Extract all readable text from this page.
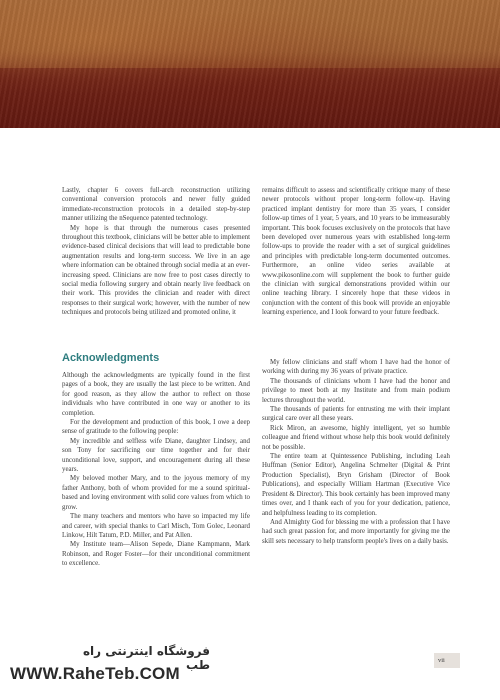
Lastly, chapter 6 covers full-arch reconstruction utilizing conventional conversion protocols and newer fully guided immediate-reconstruction protocols in a detailed step-by-step manner utilizing the nSequence patented technology.

My hope is that through the numerous cases presented throughout this textbook, clinicians will be better able to implement evidence-based clinical decisions that will lead to predictable bone augmentation results and long-term success. We live in an age where information can be obtained through social media at an ever-increasing speed. Clinicians are now free to post cases directly to social media following surgery and obtain nearly live feedback on their work. This provides the clinician and reader with direct responses to their surgical work; however, with the number of new techniques and protocols being utilized and promoted online, it

remains difficult to assess and scientifically critique many of these newer protocols without proper long-term follow-up. Having practiced implant dentistry for more than 35 years, I consider follow-up times of 1 year, 5 years, and 10 years to be immeasurably important. This book focuses exclusively on the protocols that have been developed over numerous years with established long-term follow-ups to provide the reader with a set of surgical guidelines and principles with predictable long-term documented outcomes. Furthermore, an online video series available at www.pikosonline.com will supplement the book to further guide the clinician with surgical demonstrations provided within our online teaching library. I sincerely hope that these videos in conjunction with the content of this book will provide an enjoyable learning experience, and I look forward to your future feedback.

Acknowledgments

Although the acknowledgments are typically found in the first pages of a book, they are usually the last piece to be written. And for good reason, as they allow the author to reflect on those individuals who have contributed in one way or another to its completion.

For the development and production of this book, I owe a deep sense of gratitude to the following people:

My incredible and selfless wife Diane, daughter Lindsey, and son Tony for sacrificing our time together and for their unconditional love, support, and encouragement during all these years.

My beloved mother Mary, and to the joyous memory of my father Anthony, both of whom provided for me a sound spiritual-based and loving environment with solid core values from which to grow.

The many teachers and mentors who have so impacted my life and career, with special thanks to Carl Misch, Tom Golec, Leonard Linkow, Hilt Tatum, P.D. Miller, and Pat Allen.

My Institute team—Alison Sepede, Diane Kampmann, Mark Robinson, and Roger Foster—for their unconditional commitment to excellence.

My fellow clinicians and staff whom I have had the honor of working with during my 36 years of private practice.

The thousands of clinicians whom I have had the honor and privilege to meet both at my Institute and from main podium lectures throughout the world.

The thousands of patients for entrusting me with their implant surgical care over all these years.

Rick Miron, an awesome, highly intelligent, yet so humble colleague and friend without whose help this book would definitely not be possible.

The entire team at Quintessence Publishing, including Leah Huffman (Senior Editor), Angelina Schmelter (Digital & Print Production Specialist), Bryn Grisham (Director of Book Publications), and especially William Hartman (Executive Vice President & Director). This book certainly has been improved many times over, and I thank each of you for your dedication, patience, and helpfulness leading to its completion.

And Almighty God for blessing me with a profession that I have had such great passion for, and more importantly for giving me the skill sets necessary to help transform people's lives on a daily basis.

vii
فروشگاه اینترنتی راه طب
WWW.RaheTeb.COM
